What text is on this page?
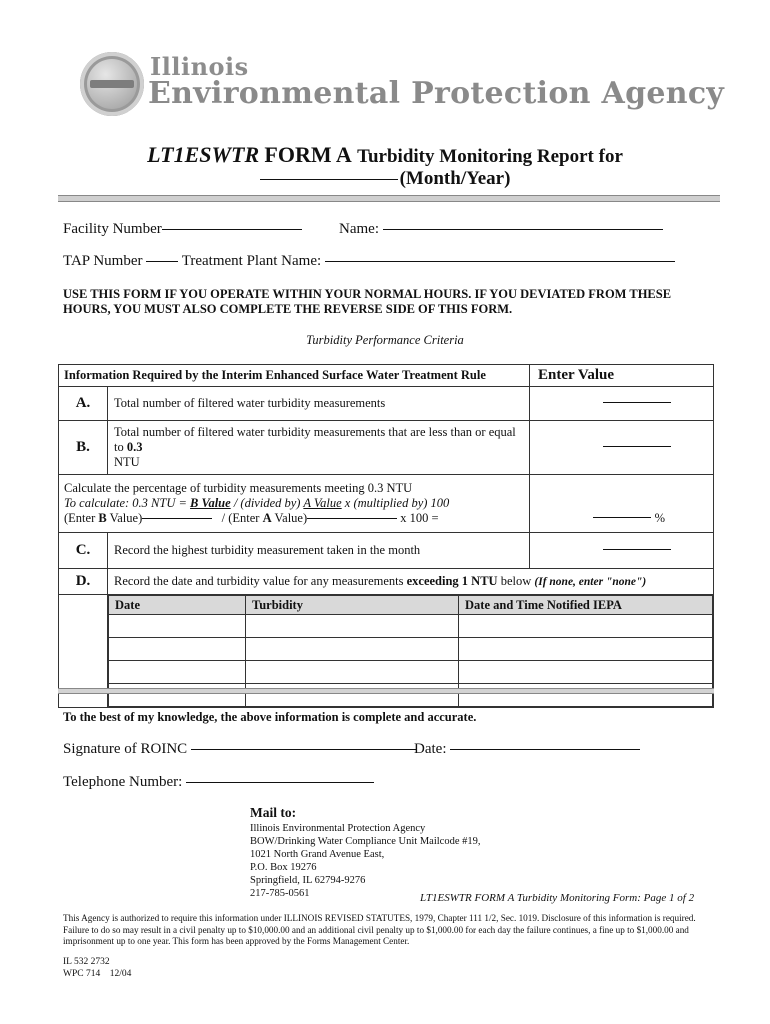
Illinois
Environmental Protection Agency
LT1ESWTR FORM A Turbidity Monitoring Report for
(Month/Year)
Facility Number	Name:
TAP Number	Treatment Plant Name:
USE THIS FORM IF YOU OPERATE WITHIN YOUR NORMAL HOURS. IF YOU DEVIATED FROM THESE HOURS, YOU MUST ALSO COMPLETE THE REVERSE SIDE OF THIS FORM.
Turbidity Performance Criteria
Information Required by the Interim Enhanced Surface Water Treatment Rule	Enter Value
A.	Total number of filtered water turbidity measurements	
B.	Total number of filtered water turbidity measurements that are less than or equal to 0.3
NTU	

Calculate the percentage of turbidity measurements meeting 0.3 NTU
To calculate: 0.3 NTU = B Value / (divided by) A Value x (multiplied by) 100
(Enter B Value)	/ (Enter A Value)	x 100 =	%
C.	Record the highest turbidity measurement taken in the month	
D.	Record the date and turbidity value for any measurements exceeding 1 NTU below (If none, enter "none")

Date	Turbidity	Date and Time Notified IEPA

To the best of my knowledge, the above information is complete and accurate.
Signature of ROINC	Date:
Telephone Number:
Mail to:
Illinois Environmental Protection Agency
BOW/Drinking Water Compliance Unit Mailcode #19,
1021 North Grand Avenue East,
P.O. Box 19276
Springfield, IL 62794-9276
217-785-0561	LT1ESWTR FORM A Turbidity Monitoring Form: Page 1 of 2
This Agency is authorized to require this information under ILLINOIS REVISED STATUTES, 1979, Chapter 111 1/2, Sec. 1019. Disclosure of this information is required. Failure to do so may result in a civil penalty up to $10,000.00 and an additional civil penalty up to $1,000.00 for each day the failure continues, a fine up to $1,000.00 and imprisonment up to one year. This form has been approved by the Forms Management Center.
IL 532 2732
WPC 714    12/04
